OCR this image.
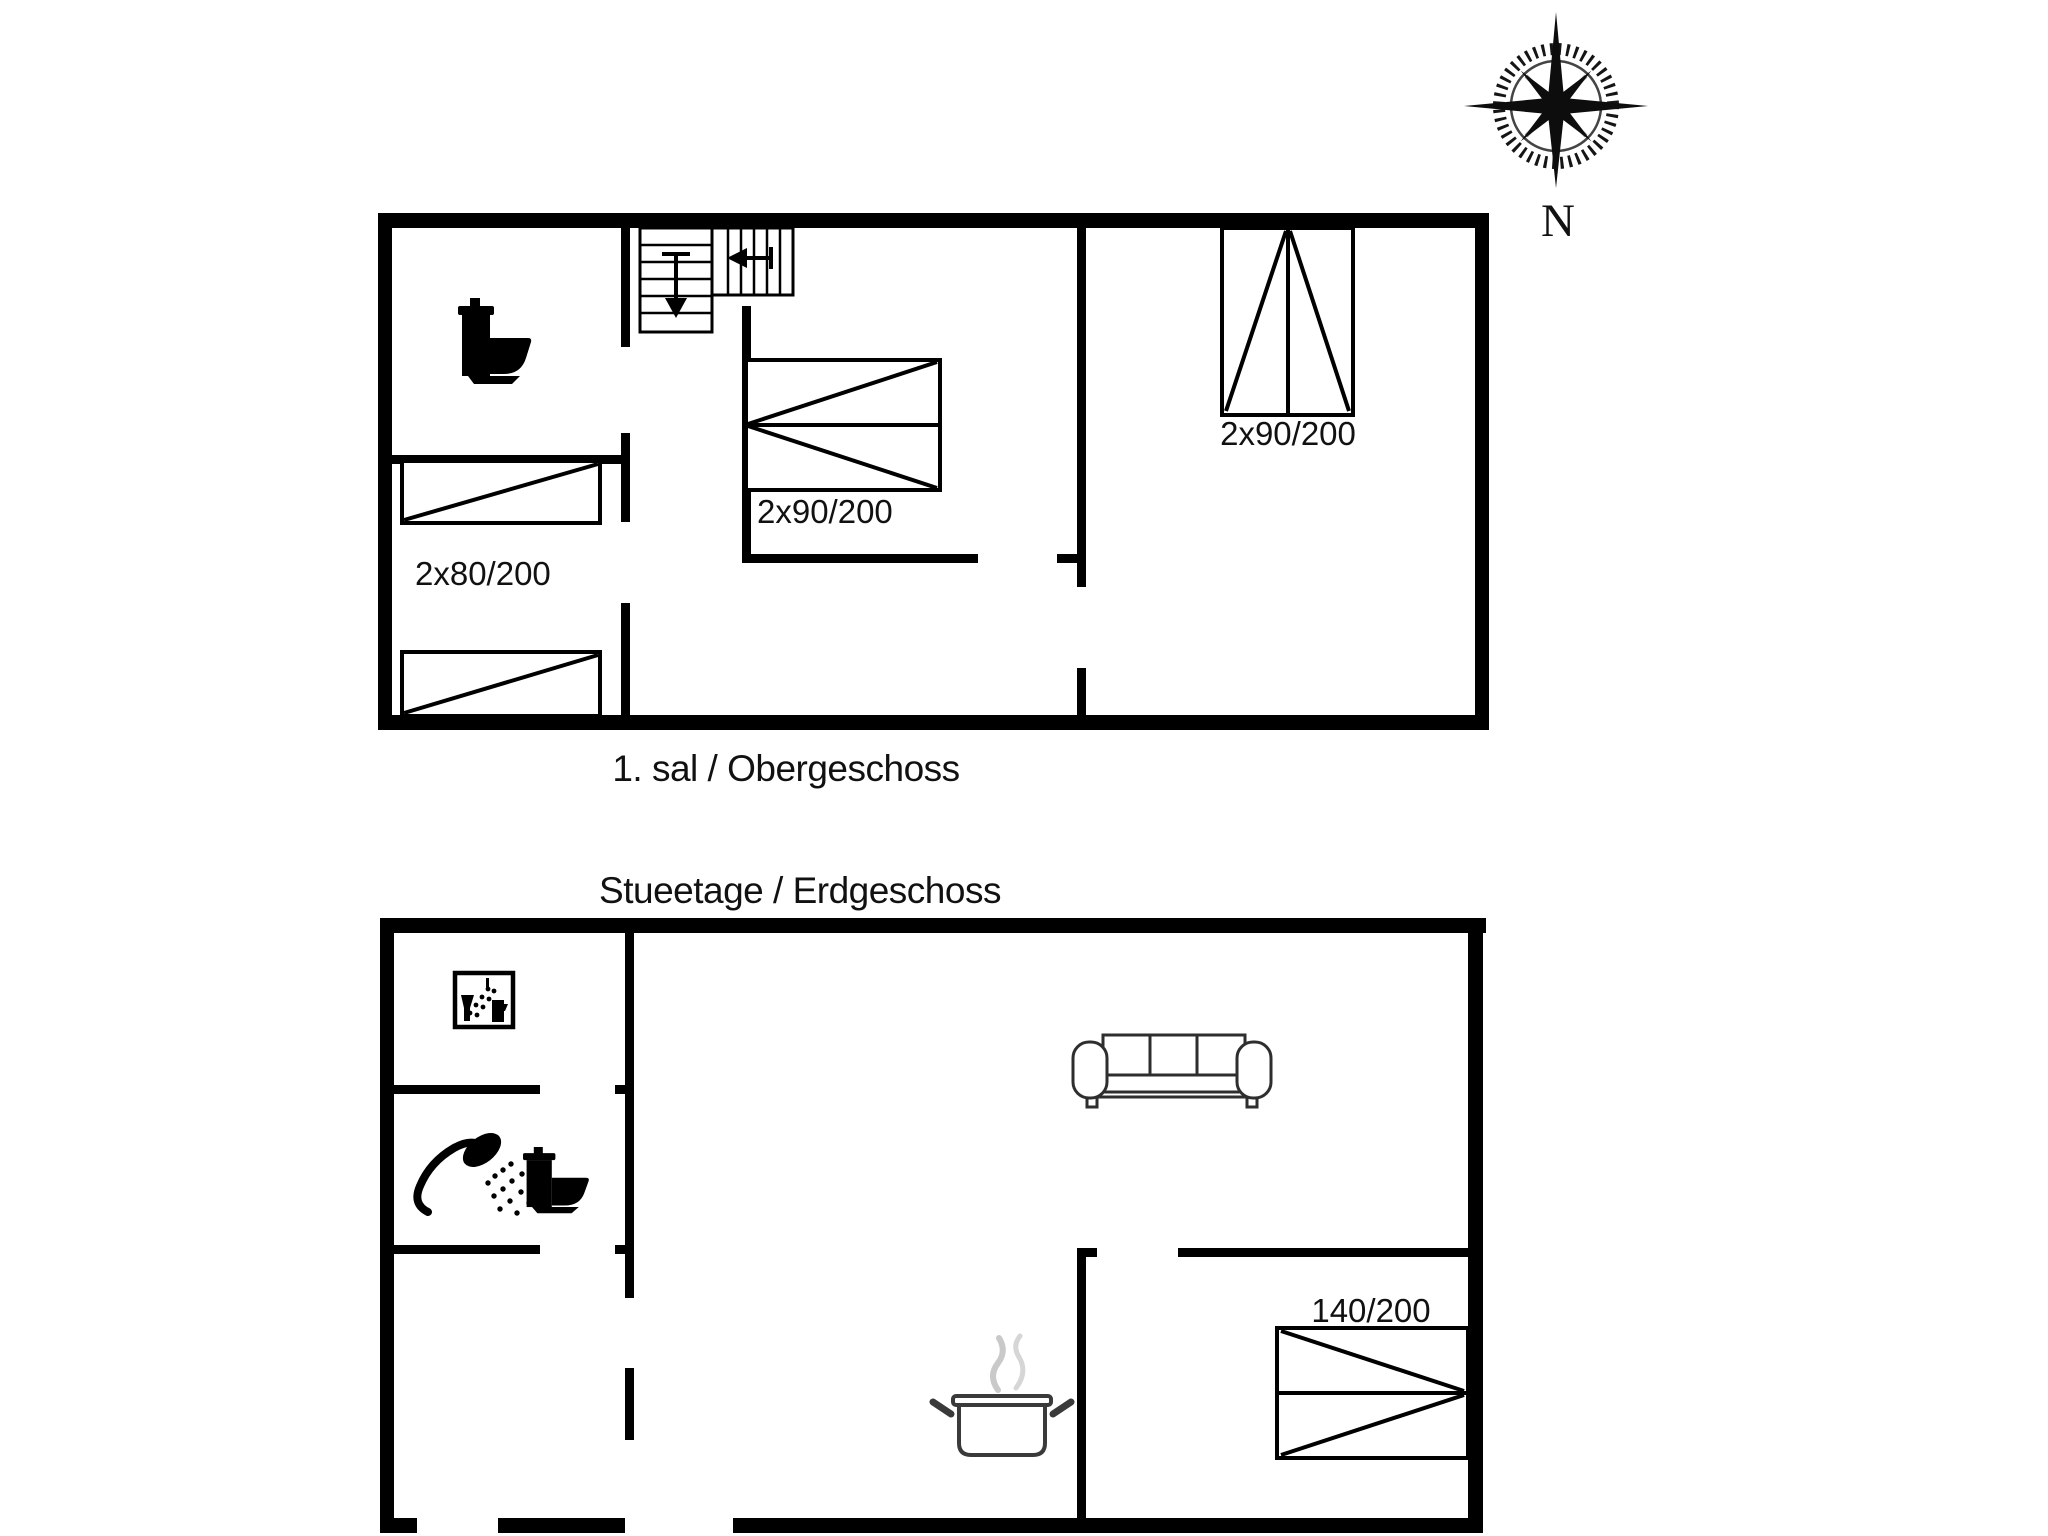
N
2x80/200
2x90/200
2x90/200
1. sal / Obergeschoss
140/200
Stueetage / Erdgeschoss
